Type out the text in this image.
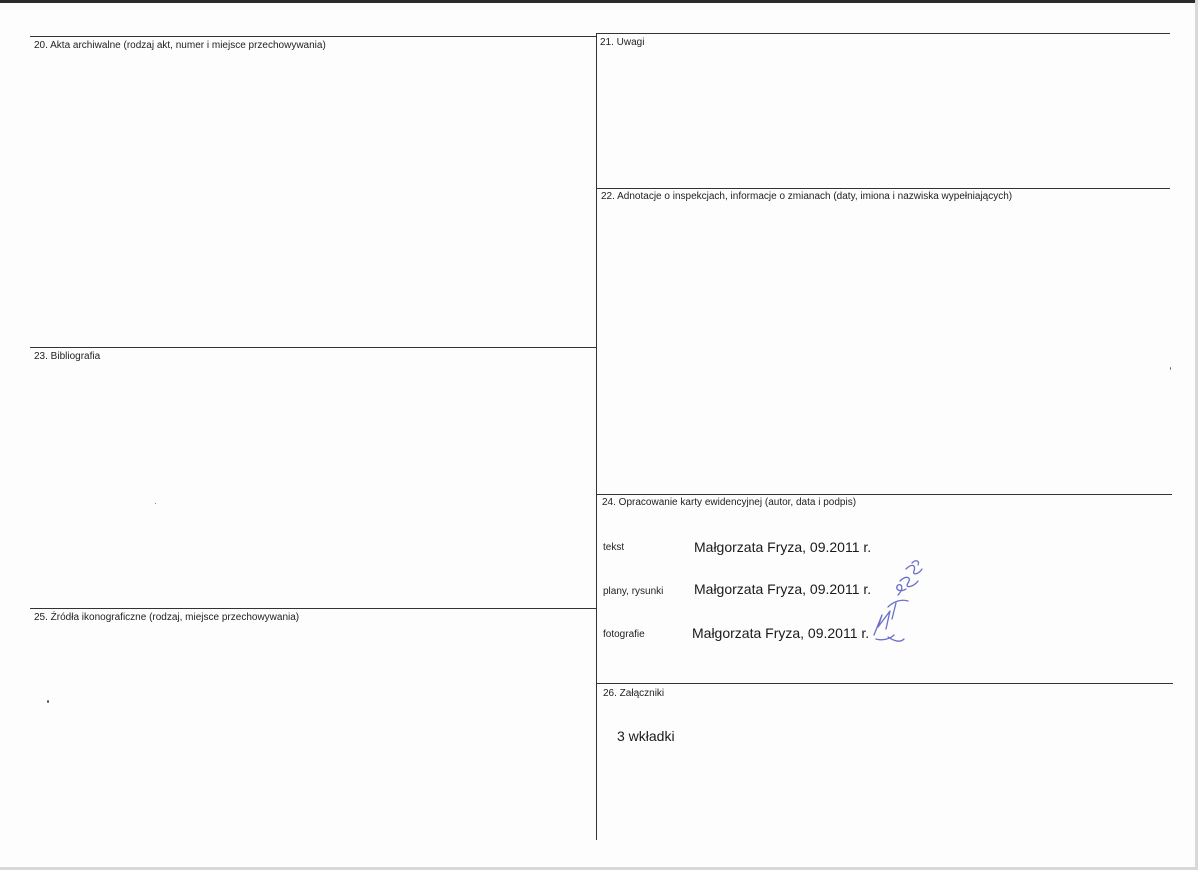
20. Akta archiwalne (rodzaj akt, numer i miejsce przechowywania)	21. Uwagi
22. Adnotacje o inspekcjach, informacje o zmianach (daty, imiona i nazwiska wypełniających)
23. Bibliografia
24. Opracowanie karty ewidencyjnej (autor, data i podpis)
25. Źródła ikonograficzne (rodzaj, miejsce przechowywania)
26. Załączniki
tekst	Małgorzata Fryza, 09.2011 r.
plany, rysunki Małgorzata Fryza, 09.2011 r.
fotografie	Małgorzata Fryza, 09.2011 r.
3 wkładki
